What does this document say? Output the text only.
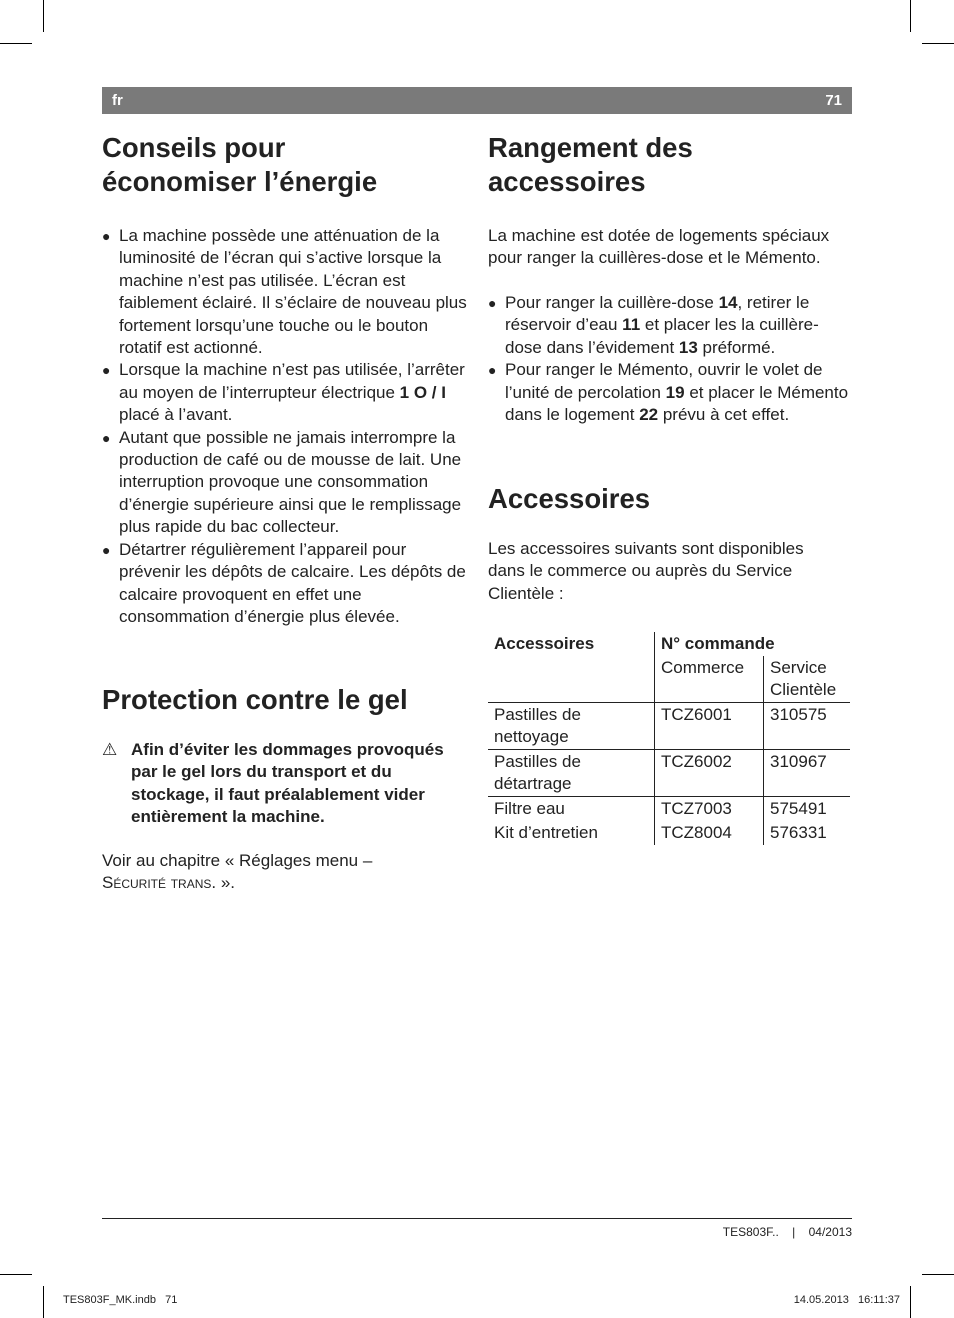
fr	71
Conseils pour
économiser l’énergie
● La machine possède une atténuation de la luminosité de l’écran qui s’active lorsque la machine n’est pas utilisée. L’écran est faiblement éclairé. Il s’éclaire de nouveau plus fortement lorsqu’une touche ou le bouton rotatif est actionné.
● Lorsque la machine n’est pas utilisée, l’arrêter au moyen de l’interrupteur électrique 1 O / I placé à l’avant.
● Autant que possible ne jamais interrompre la production de café ou de mousse de lait. Une interruption provoque une consommation d’énergie supérieure ainsi que le remplissage plus rapide du bac collecteur.
● Détartrer régulièrement l’appareil pour prévenir les dépôts de calcaire. Les dépôts de calcaire provoquent en effet une consommation d’énergie plus élevée.
Protection contre le gel
⚠ Afin d’éviter les dommages provoqués par le gel lors du transport et du stockage, il faut préalablement vider entièrement la machine.

Voir au chapitre « Réglages menu –
Sécurité trans. ».

Rangement des
accessoires

La machine est dotée de logements spéciaux pour ranger la cuillères-dose et le Mémento.

● Pour ranger la cuillère-dose 14, retirer le réservoir d’eau 11 et placer les la cuillère-dose dans l’évidement 13 préformé.
● Pour ranger le Mémento, ouvrir le volet de l’unité de percolation 19 et placer le Mémento dans le logement 22 prévu à cet effet.
Accessoires

Les accessoires suivants sont disponibles dans le commerce ou auprès du Service Clientèle :

Accessoires	N° commande	
	Commerce	Service
Clientèle
Pastilles de nettoyage	TCZ6001	310575
Pastilles de détartrage	TCZ6002	310967
Filtre eau	TCZ7003	575491
Kit d’entretien	TCZ8004	576331
TES803F..    |    04/2013
TES803F_MK.indb   71	14.05.2013   16:11:37
